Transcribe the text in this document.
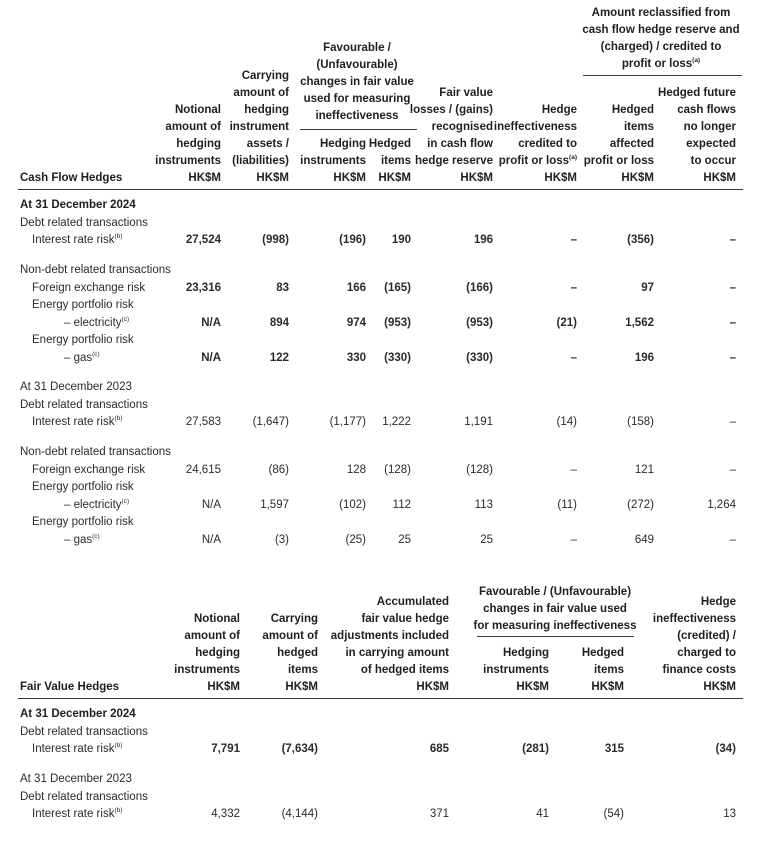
Cash Flow Hedges
Notional
amount of
hedging
instruments
HK$M
Carrying
amount of
hedging
instrument
assets /
(liabilities)
HK$M
Favourable /
(Unfavourable)
changes in fair value
used for measuring
ineffectiveness
Hedging
instruments
HK$M
Hedged
items
HK$M
Fair value
losses / (gains)
recognised
in cash flow
hedge reserve
HK$M
Hedge
ineffectiveness
credited to
profit or loss$^{(a)}$
HK$M
Amount reclassified from
cash flow hedge reserve and
(charged) / credited to
profit or loss$^{(a)}$
Hedged
items
affected
profit or loss
HK$M
Hedged future
cash flows
no longer
expected
to occur
HK$M
At 31 December 2024
Debt related transactions
Interest rate risk$^{(b)}$	27,524	(998)	(196) 190	196	–	(356)	–
Non-debt related transactions
Foreign exchange risk	23,316	83	166 (165)	(166)	–	97	–
Energy portfolio risk
– electricity$^{(c)}$	N/A	894	974 (953)	(953)	(21)	1,562	–
Energy portfolio risk
– gas$^{(c)}$	N/A	122	330 (330)	(330)	–	196	–
At 31 December 2023
Debt related transactions
Interest rate risk$^{(b)}$	27,583	(1,647)	(1,177) 1,222	1,191	(14)	(158)	–
Non-debt related transactions
Foreign exchange risk	24,615	(86)	128 (128)	(128)	–	121	–
Energy portfolio risk
– electricity$^{(c)}$	N/A	1,597	(102) 112	113	(11)	(272)	1,264
Energy portfolio risk
– gas$^{(c)}$	N/A	(3)	(25)	25	25	–	649	–
Fair Value Hedges
Notional
amount of
hedging
instruments
HK$M
Carrying
amount of
hedged
items
HK$M
Accumulated
fair value hedge
adjustments included
in carrying amount
of hedged items
HK$M
Favourable / (Unfavourable)
changes in fair value used
for measuring ineffectiveness
Hedging
instruments
HK$M
Hedged
items
HK$M
Hedge
ineffectiveness
(credited) /
charged to
finance costs
HK$M
At 31 December 2024
Debt related transactions
Interest rate risk$^{(b)}$	7,791	(7,634)	685	(281)	315	(34)
At 31 December 2023
Debt related transactions
Interest rate risk$^{(b)}$	4,332	(4,144)	371	41	(54)	13
